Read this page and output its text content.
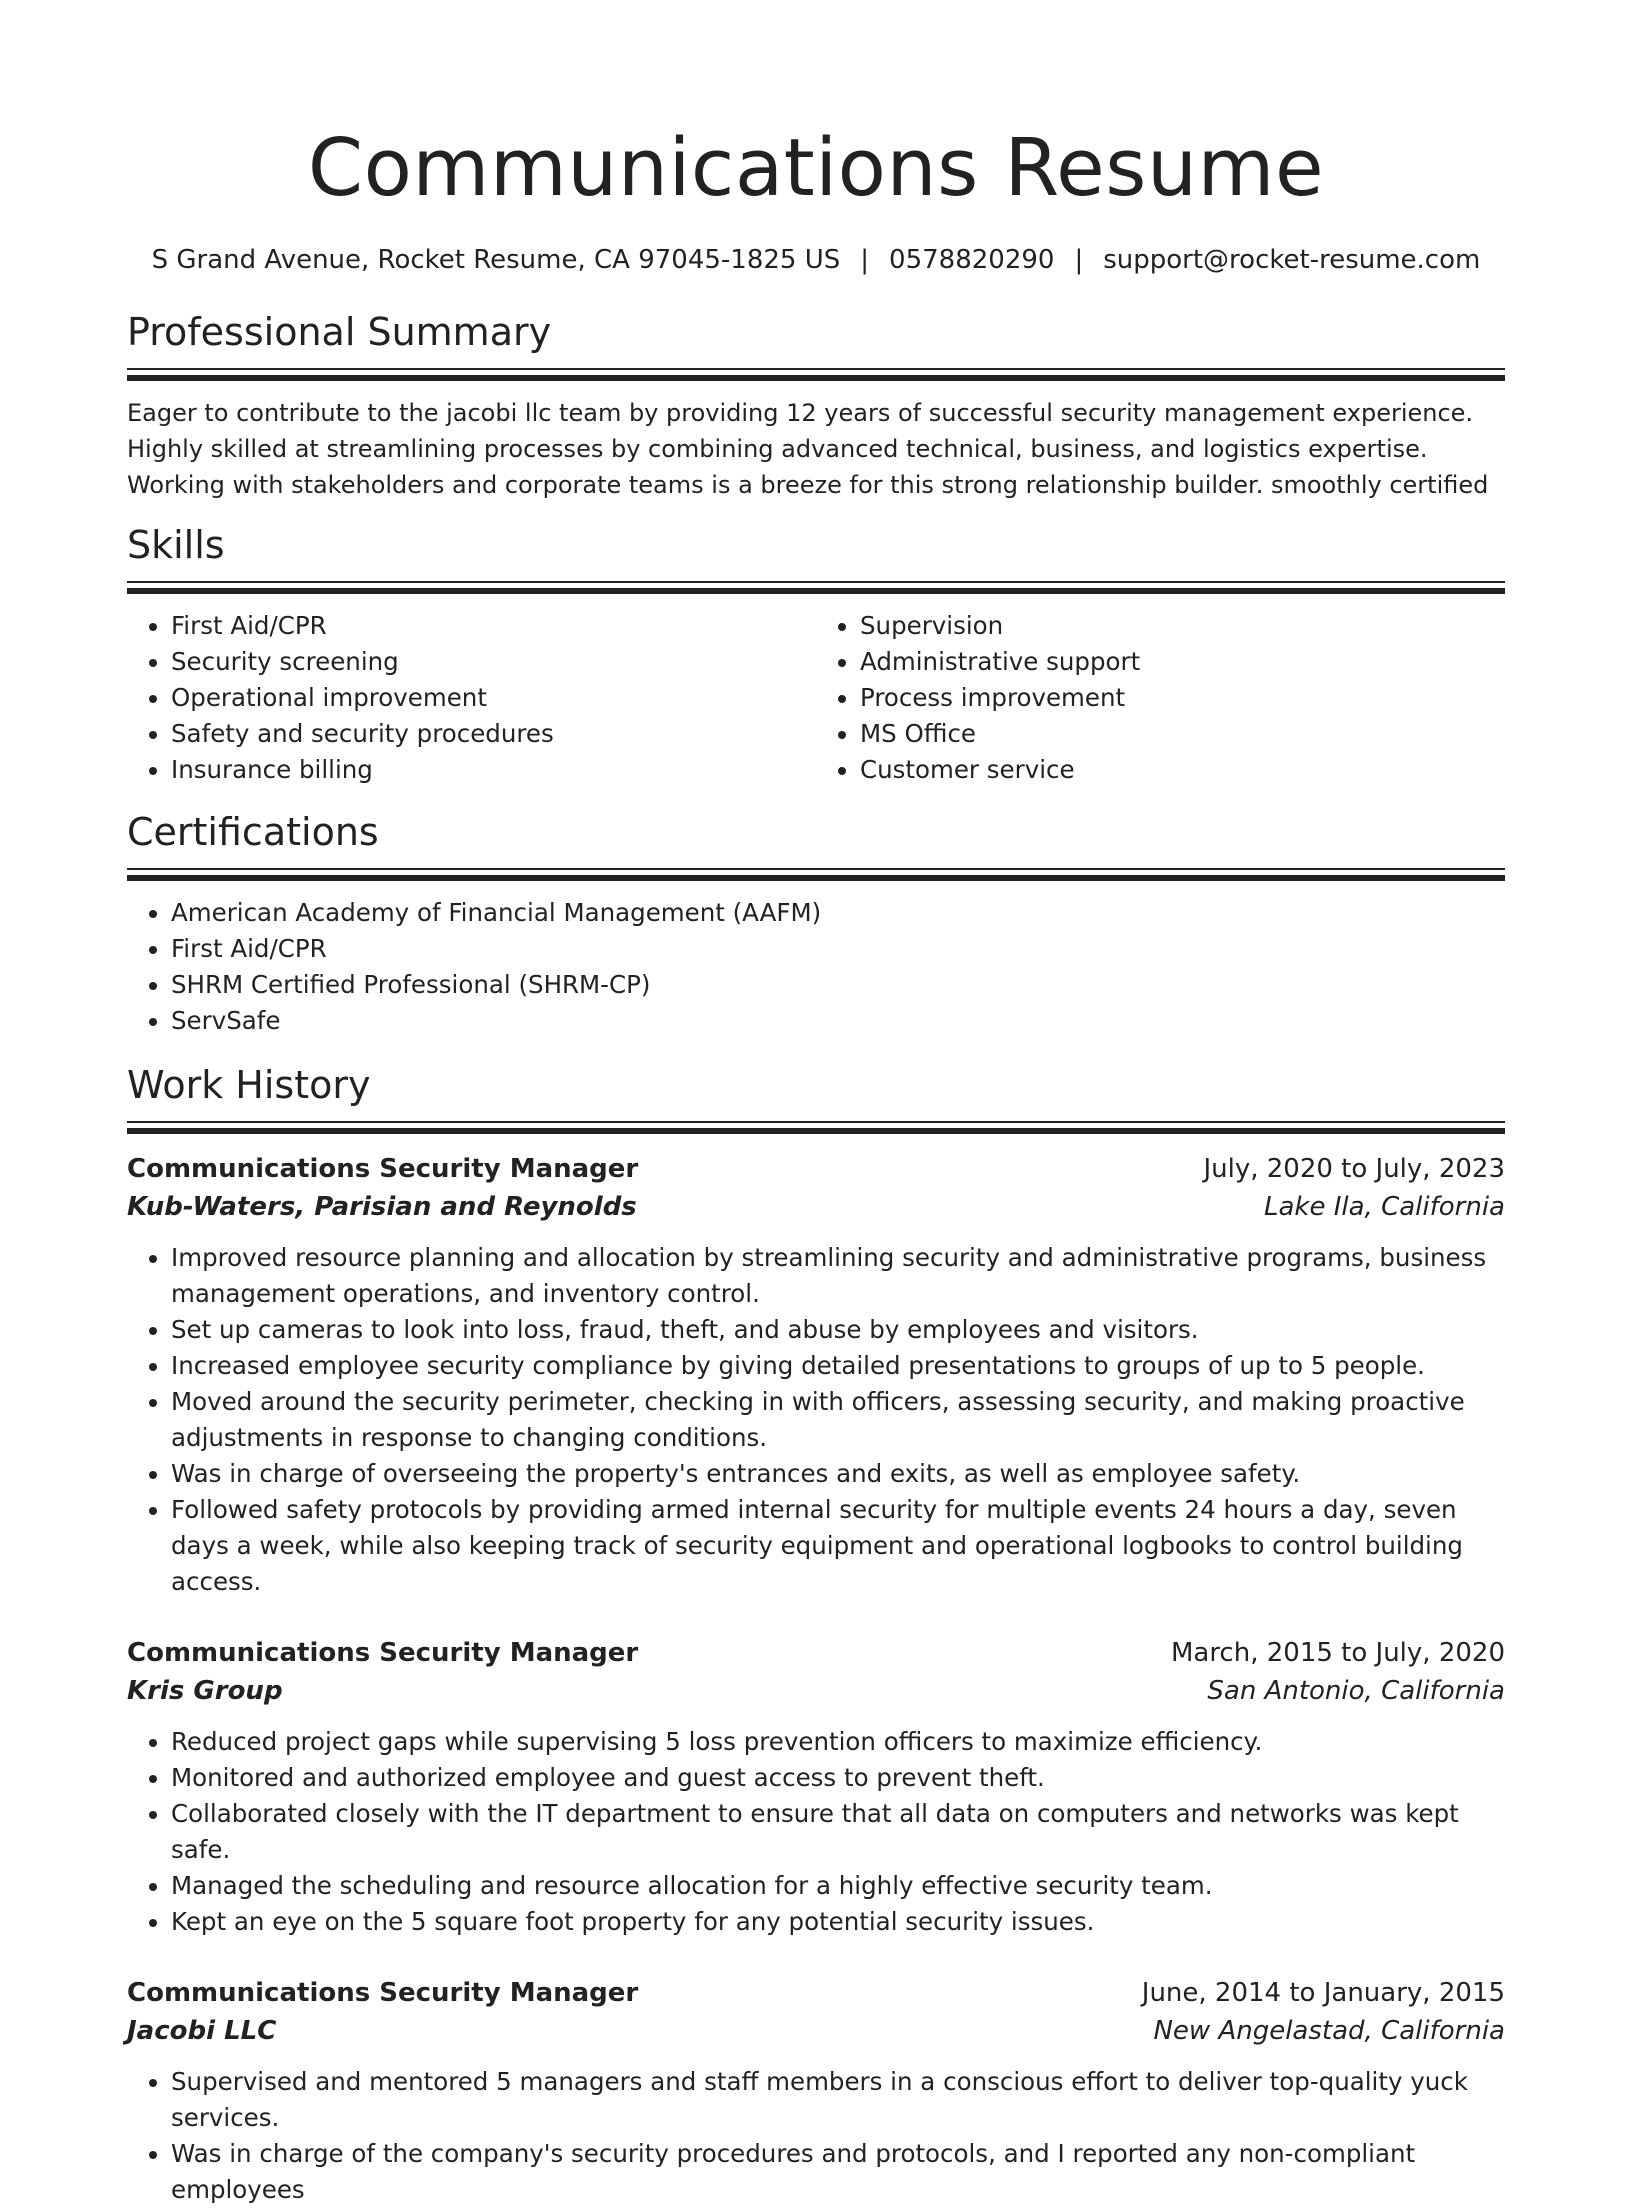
Communications Resume
S Grand Avenue, Rocket Resume, CA 97045-1825 US | 0578820290 | support@rocket-resume.com
Professional Summary

Eager to contribute to the jacobi llc team by providing 12 years of successful security management experience. Highly skilled at streamlining processes by combining advanced technical, business, and logistics expertise. Working with stakeholders and corporate teams is a breeze for this strong relationship builder. smoothly certified

Skills
• First Aid/CPR
• Security screening
• Operational improvement
• Safety and security procedures
• Insurance billing
• Supervision
• Administrative support
• Process improvement
• MS Office
• Customer service
Certifications
• American Academy of Financial Management (AAFM)
• First Aid/CPR
• SHRM Certified Professional (SHRM-CP)
• ServSafe
Work History
Communications Security Manager	July, 2020 to July, 2023
Kub-Waters, Parisian and Reynolds	Lake Ila, California
• Improved resource planning and allocation by streamlining security and administrative programs, business management operations, and inventory control.
• Set up cameras to look into loss, fraud, theft, and abuse by employees and visitors.
• Increased employee security compliance by giving detailed presentations to groups of up to 5 people.
• Moved around the security perimeter, checking in with officers, assessing security, and making proactive adjustments in response to changing conditions.
• Was in charge of overseeing the property's entrances and exits, as well as employee safety.
• Followed safety protocols by providing armed internal security for multiple events 24 hours a day, seven days a week, while also keeping track of security equipment and operational logbooks to control building access.
Communications Security Manager	March, 2015 to July, 2020
Kris Group	San Antonio, California
• Reduced project gaps while supervising 5 loss prevention officers to maximize efficiency.
• Monitored and authorized employee and guest access to prevent theft.
• Collaborated closely with the IT department to ensure that all data on computers and networks was kept safe.
• Managed the scheduling and resource allocation for a highly effective security team.
• Kept an eye on the 5 square foot property for any potential security issues.
Communications Security Manager	June, 2014 to January, 2015
Jacobi LLC	New Angelastad, California
• Supervised and mentored 5 managers and staff members in a conscious effort to deliver top-quality yuck services.
• Was in charge of the company's security procedures and protocols, and I reported any non-compliant employees
